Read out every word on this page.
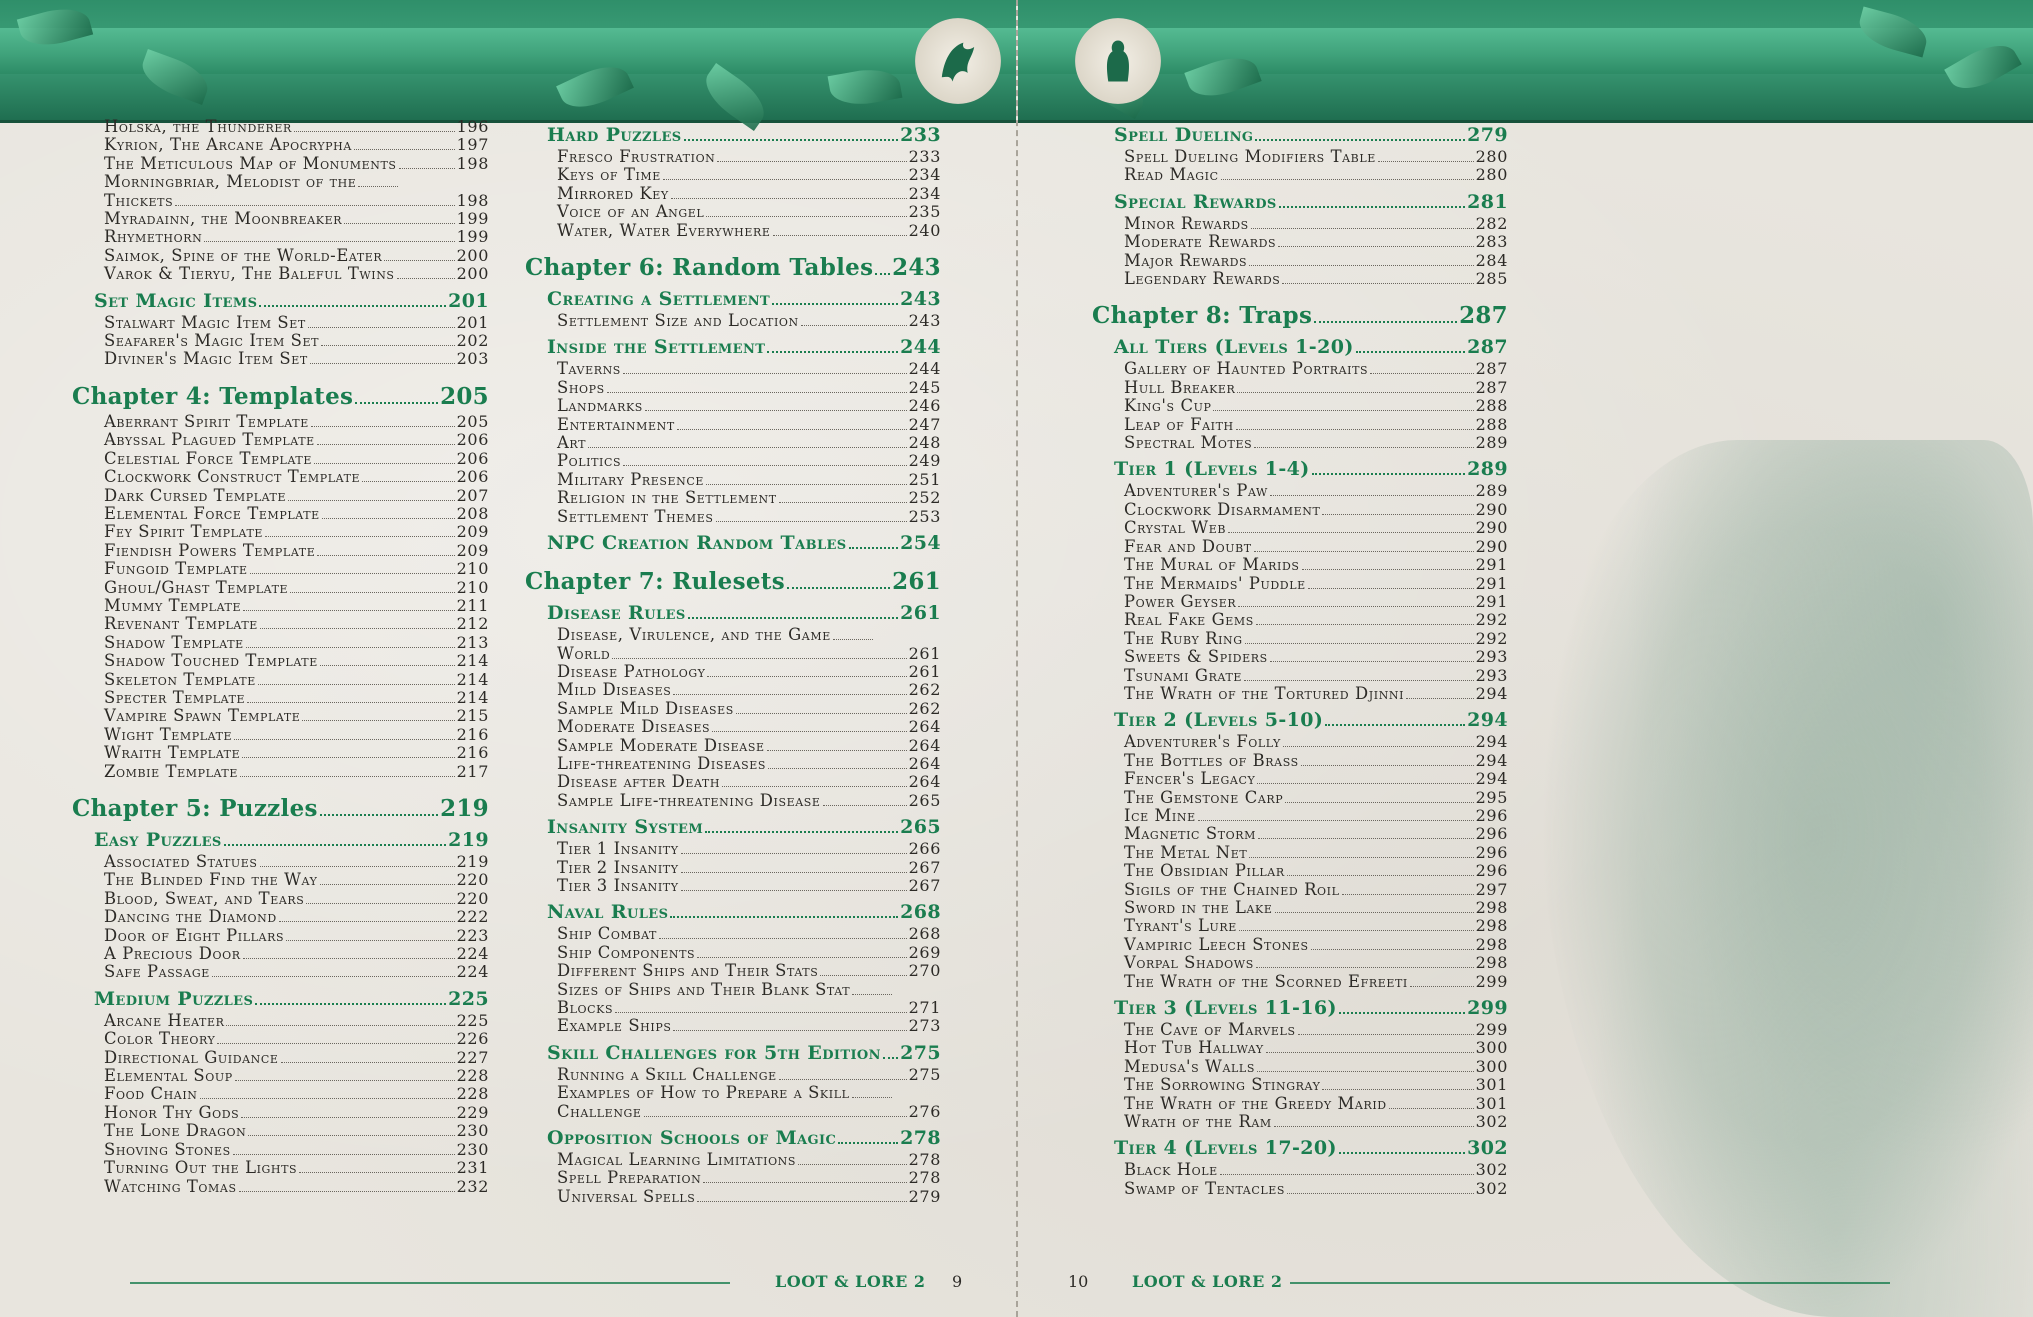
Holska, the Thunderer	196
Kyrion, The Arcane Apocrypha	197
The Meticulous Map of Monuments	198
Morningbriar, Melodist of the
Thickets	198
Myradainn, the Moonbreaker	199
Rhymethorn	199
Saimok, Spine of the World-Eater	200
Varok & Tieryu, The Baleful Twins	200
Set Magic Items	201
Stalwart Magic Item Set	201
Seafarer's Magic Item Set	202
Diviner's Magic Item Set	203
Chapter 4: Templates	205
Aberrant Spirit Template	205
Abyssal Plagued Template	206
Celestial Force Template	206
Clockwork Construct Template	206
Dark Cursed Template	207
Elemental Force Template	208
Fey Spirit Template	209
Fiendish Powers Template	209
Fungoid Template	210
Ghoul/Ghast Template	210
Mummy Template	211
Revenant Template	212
Shadow Template	213
Shadow Touched Template	214
Skeleton Template	214
Specter Template	214
Vampire Spawn Template	215
Wight Template	216
Wraith Template	216
Zombie Template	217
Chapter 5: Puzzles	219
Easy Puzzles	219
Associated Statues	219
The Blinded Find the Way	220
Blood, Sweat, and Tears	220
Dancing the Diamond	222
Door of Eight Pillars	223
A Precious Door	224
Safe Passage	224
Medium Puzzles	225
Arcane Heater	225
Color Theory	226
Directional Guidance	227
Elemental Soup	228
Food Chain	228
Honor Thy Gods	229
The Lone Dragon	230
Shoving Stones	230
Turning Out the Lights	231
Watching Tomas	232
Hard Puzzles	233
Fresco Frustration	233
Keys of Time	234
Mirrored Key	234
Voice of an Angel	235
Water, Water Everywhere	240
Chapter 6: Random Tables 243
Creating a Settlement	243
Settlement Size and Location	243
Inside the Settlement	244
Taverns	244
Shops	245
Landmarks	246
Entertainment	247
Art	248
Politics	249
Military Presence	251
Religion in the Settlement	252
Settlement Themes	253
NPC Creation Random Tables	254
Chapter 7: Rulesets	261
Disease Rules	261
Disease, Virulence, and the Game
World	261
Disease Pathology	261
Mild Diseases	262
Sample Mild Diseases	262
Moderate Diseases	264
Sample Moderate Disease	264
Life-threatening Diseases	264
Disease after Death	264
Sample Life-threatening Disease	265
Insanity System	265
Tier 1 Insanity	266
Tier 2 Insanity	267
Tier 3 Insanity	267
Naval Rules	268
Ship Combat	268
Ship Components	269
Different Ships and Their Stats	270
Sizes of Ships and Their Blank Stat
Blocks	271
Example Ships	273
Skill Challenges for 5th Edition 275
Running a Skill Challenge	275
Examples of How to Prepare a Skill
Challenge	276
Opposition Schools of Magic	278
Magical Learning Limitations	278
Spell Preparation	278
Universal Spells	279
Spell Dueling	279
Spell Dueling Modifiers Table	280
Read Magic	280
Special Rewards	281
Minor Rewards	282
Moderate Rewards	283
Major Rewards	284
Legendary Rewards	285
Chapter 8: Traps	287
All Tiers (Levels 1-20)	287
Gallery of Haunted Portraits	287
Hull Breaker	287
King's Cup	288
Leap of Faith	288
Spectral Motes	289
Tier 1 (Levels 1-4)	289
Adventurer's Paw	289
Clockwork Disarmament	290
Crystal Web	290
Fear and Doubt	290
The Mural of Marids	291
The Mermaids' Puddle	291
Power Geyser	291
Real Fake Gems	292
The Ruby Ring	292
Sweets & Spiders	293
Tsunami Grate	293
The Wrath of the Tortured Djinni	294
Tier 2 (Levels 5-10)	294
Adventurer's Folly	294
The Bottles of Brass	294
Fencer's Legacy	294
The Gemstone Carp	295
Ice Mine	296
Magnetic Storm	296
The Metal Net	296
The Obsidian Pillar	296
Sigils of the Chained Roil	297
Sword in the Lake	298
Tyrant's Lure	298
Vampiric Leech Stones	298
Vorpal Shadows	298
The Wrath of the Scorned Efreeti	299
Tier 3 (Levels 11-16)	299
The Cave of Marvels	299
Hot Tub Hallway	300
Medusa's Walls	300
The Sorrowing Stingray	301
The Wrath of the Greedy Marid	301
Wrath of the Ram	302
Tier 4 (Levels 17-20)	302
Black Hole	302
Swamp of Tentacles	302
LOOT & LORE 2 9	10	LOOT & LORE 2
